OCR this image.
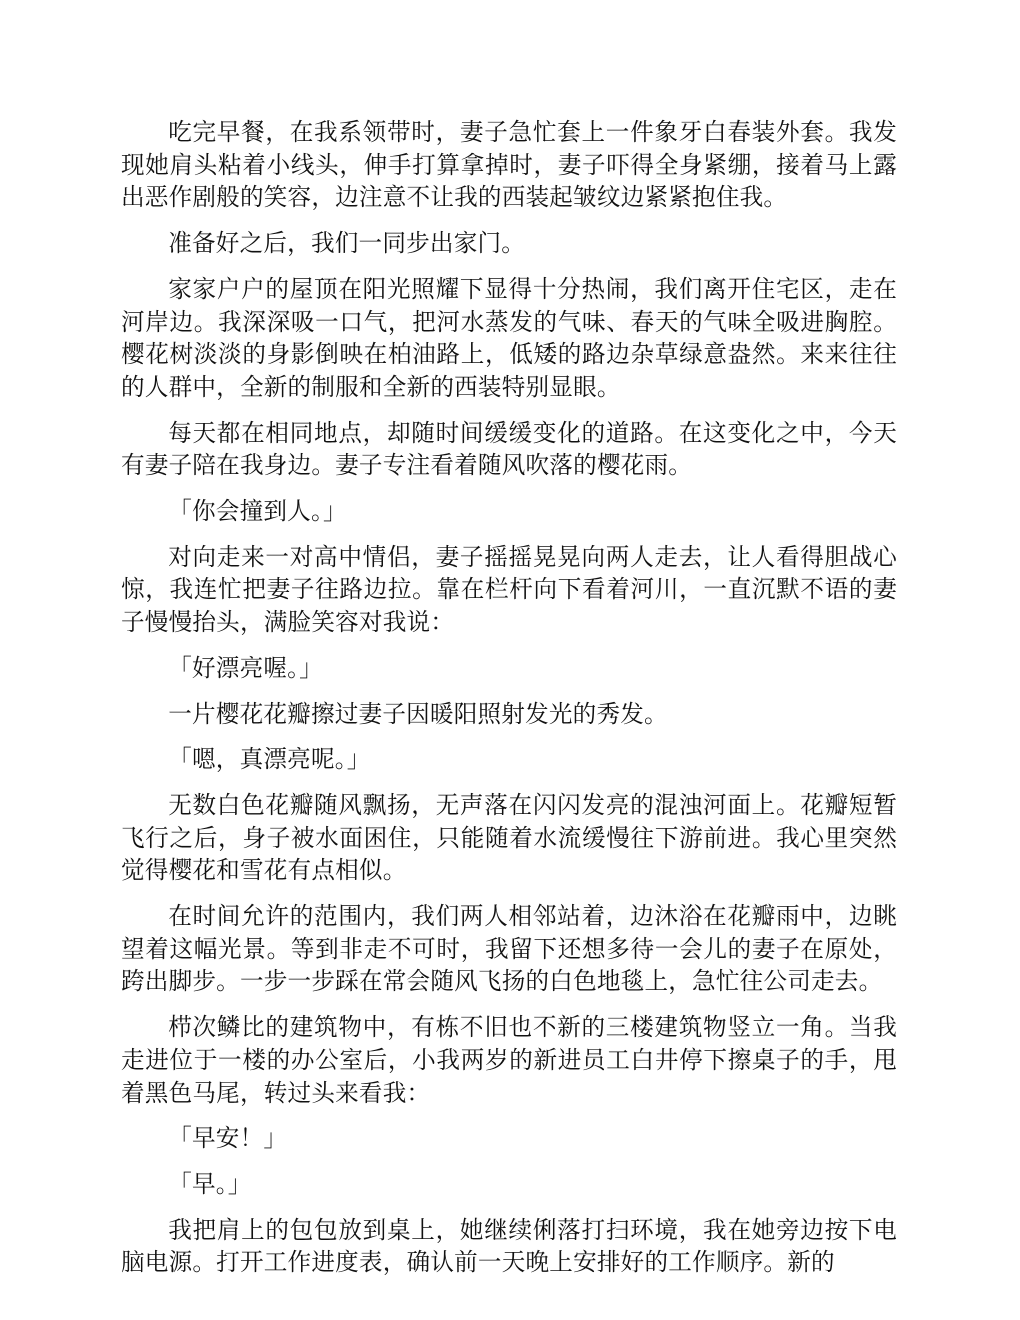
吃完早餐，在我系领带时，妻子急忙套上一件象牙白春装外套。我发现她肩头粘着小线头，伸手打算拿掉时，妻子吓得全身紧绷，接着马上露出恶作剧般的笑容，边注意不让我的西装起皱纹边紧紧抱住我。

准备好之后，我们一同步出家门。

家家户户的屋顶在阳光照耀下显得十分热闹，我们离开住宅区，走在河岸边。我深深吸一口气，把河水蒸发的气味、春天的气味全吸进胸腔。樱花树淡淡的身影倒映在柏油路上，低矮的路边杂草绿意盎然。来来往往的人群中，全新的制服和全新的西装特别显眼。

每天都在相同地点，却随时间缓缓变化的道路。在这变化之中，今天有妻子陪在我身边。妻子专注看着随风吹落的樱花雨。

「你会撞到人。」

对向走来一对高中情侣，妻子摇摇晃晃向两人走去，让人看得胆战心惊，我连忙把妻子往路边拉。靠在栏杆向下看着河川，一直沉默不语的妻子慢慢抬头，满脸笑容对我说：

「好漂亮喔。」

一片樱花花瓣擦过妻子因暖阳照射发光的秀发。

「嗯，真漂亮呢。」

无数白色花瓣随风飘扬，无声落在闪闪发亮的混浊河面上。花瓣短暂飞行之后，身子被水面困住，只能随着水流缓慢往下游前进。我心里突然觉得樱花和雪花有点相似。

在时间允许的范围内，我们两人相邻站着，边沐浴在花瓣雨中，边眺望着这幅光景。等到非走不可时，我留下还想多待一会儿的妻子在原处，跨出脚步。一步一步踩在常会随风飞扬的白色地毯上，急忙往公司走去。

栉次鳞比的建筑物中，有栋不旧也不新的三楼建筑物竖立一角。当我走进位于一楼的办公室后，小我两岁的新进员工白井停下擦桌子的手，甩着黑色马尾，转过头来看我：

「早安！」

「早。」

我把肩上的包包放到桌上，她继续俐落打扫环境，我在她旁边按下电脑电源。打开工作进度表，确认前一天晚上安排好的工作顺序。新的
